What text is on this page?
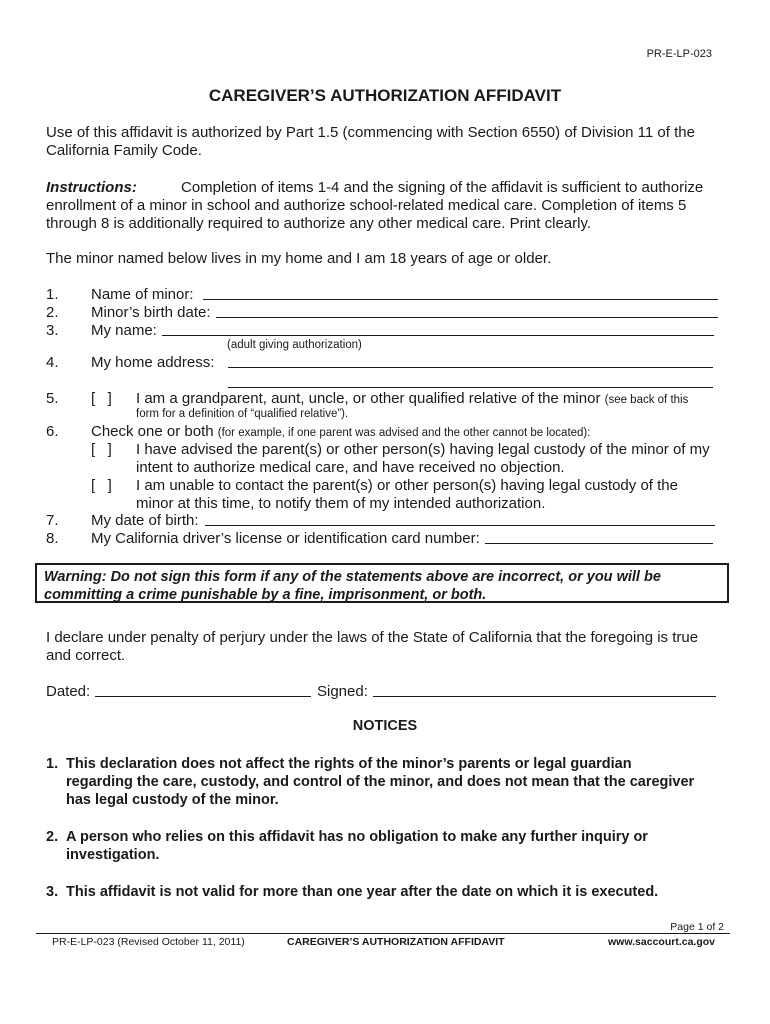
PR-E-LP-023
CAREGIVER’S AUTHORIZATION AFFIDAVIT
Use of this affidavit is authorized by Part 1.5 (commencing with Section 6550) of Division 11 of the
California Family Code.
Instructions:	Completion of items 1-4 and the signing of the affidavit is sufficient to authorize
enrollment of a minor in school and authorize school-related medical care. Completion of items 5
through 8 is additionally required to authorize any other medical care. Print clearly.
The minor named below lives in my home and I am 18 years of age or older.
1.	Name of minor:
2.	Minor’s birth date:
3.	My name:
(adult giving authorization)
4.	My home address:
5.	[   ] I am a grandparent, aunt, uncle, or other qualified relative of the minor (see back of this
form for a definition of “qualified relative”).
6.	Check one or both (for example, if one parent was advised and the other cannot be located):
[   ] I have advised the parent(s) or other person(s) having legal custody of the minor of my
intent to authorize medical care, and have received no objection.
[   ] I am unable to contact the parent(s) or other person(s) having legal custody of the
minor at this time, to notify them of my intended authorization.
7.	My date of birth:
8.	My California driver’s license or identification card number:
Warning: Do not sign this form if any of the statements above are incorrect, or you will be
committing a crime punishable by a fine, imprisonment, or both.
I declare under penalty of perjury under the laws of the State of California that the foregoing is true
and correct.
Dated:	Signed:
NOTICES
1. This declaration does not affect the rights of the minor’s parents or legal guardian
regarding the care, custody, and control of the minor, and does not mean that the caregiver
has legal custody of the minor.
2. A person who relies on this affidavit has no obligation to make any further inquiry or
investigation.
3. This affidavit is not valid for more than one year after the date on which it is executed.
Page 1 of 2
PR-E-LP-023 (Revised October 11, 2011)	CAREGIVER’S AUTHORIZATION AFFIDAVIT	www.saccourt.ca.gov
